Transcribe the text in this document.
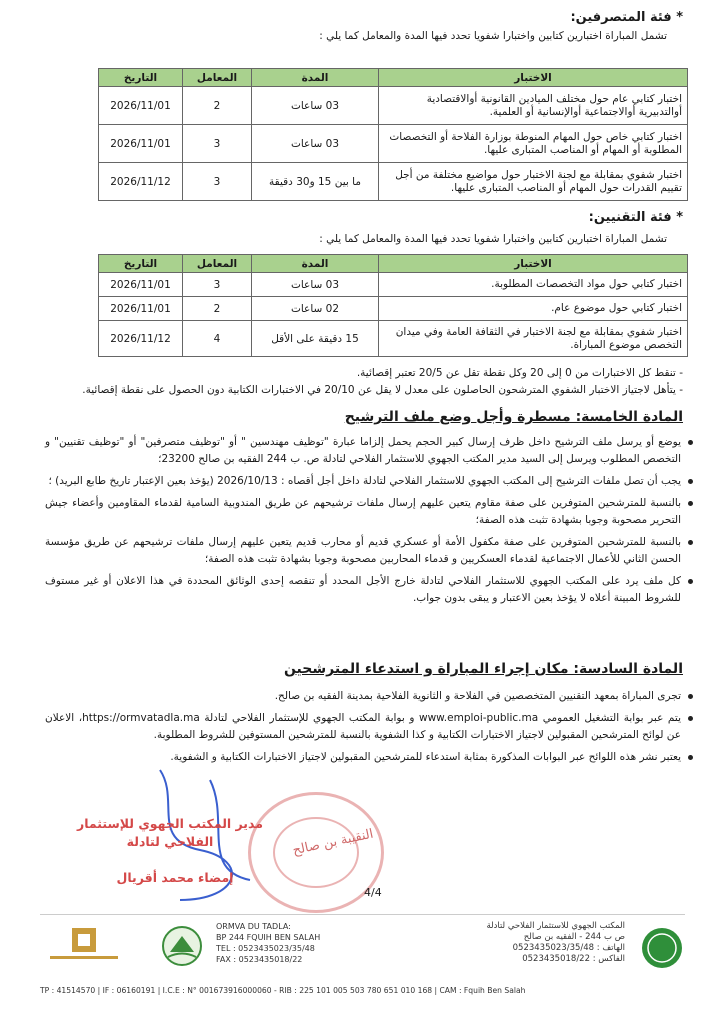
* فئة المتصرفين:
تشمل المباراة اختبارين كتابين واختبارا شفويا تحدد فيها المدة والمعامل كما يلي :
الاختبار	المدة	المعامل	التاريخ
اختبار كتابي عام حول مختلف الميادين القانونية أوالاقتصادية أوالتدبيرية أوالاجتماعية أوالإنسانية أو العلمية.	03 ساعات	2	2026/11/01
اختبار كتابي خاص حول المهام المنوطة بوزارة الفلاحة أو التخصصات المطلوبة أو المهام أو المناصب المتبارى عليها.	03 ساعات	3	2026/11/01
اختبار شفوي بمقابلة مع لجنة الاختبار حول مواضيع مختلفة من أجل تقييم القدرات حول المهام أو المناصب المتبارى عليها.	ما بين 15 و30 دقيقة	3	2026/11/12
* فئة التقنيين:
تشمل المباراة اختبارين كتابين واختبارا شفويا تحدد فيها المدة والمعامل كما يلي :
الاختبار	المدة	المعامل	التاريخ
اختبار كتابي حول مواد التخصصات المطلوبة.	03 ساعات	3	2026/11/01
اختبار كتابي حول موضوع عام.	02 ساعات	2	2026/11/01
اختبار شفوي بمقابلة مع لجنة الاختبار في الثقافة العامة وفي ميدان التخصص موضوع المباراة.	15 دقيقة على الأقل	4	2026/11/12
- تنقط كل الاختبارات من 0 إلى 20 وكل نقطة تقل عن 20/5 تعتبر إقصائية.
- يتأهل لاجتياز الاختبار الشفوي المترشحون الحاصلون على معدل لا يقل عن 20/10 في الاختبارات الكتابية دون الحصول على نقطة إقصائية.
المادة الخامسة: مسطرة وأجل وضع ملف الترشيح
يوضع أو يرسل ملف الترشيح داخل ظرف إرسال كبير الحجم يحمل إلزاما عبارة "توظيف مهندسين " أو "توظيف متصرفين" أو "توظيف تقنيين" و التخصص المطلوب ويرسل إلى السيد مدير المكتب الجهوي للاستثمار الفلاحي لتادلة ص. ب 244 الفقيه بن صالح 23200؛
يجب أن تصل ملفات الترشيح إلى المكتب الجهوي للاستثمار الفلاحي لتادلة داخل أجل أقصاه : 2026/10/13 (يؤخذ بعين الإعتبار تاريخ طابع البريد) ؛
بالنسبة للمترشحين المتوفرين على صفة مقاوم يتعين عليهم إرسال ملفات ترشيحهم عن طريق المندوبية السامية لقدماء المقاومين وأعضاء جيش التحرير مصحوبة وجوبا بشهادة تثبت هذه الصفة؛
بالنسبة للمترشحين المتوفرين على صفة مكفول الأمة أو عسكري قديم أو محارب قديم يتعين عليهم إرسال ملفات ترشيحهم عن طريق مؤسسة الحسن الثاني للأعمال الاجتماعية لقدماء العسكريين و قدماء المحاربين مصحوبة وجوبا بشهادة تثبت هذه الصفة؛
كل ملف يرد على المكتب الجهوي للاستثمار الفلاحي لتادلة خارج الأجل المحدد أو تنقصه إحدى الوثائق المحددة في هذا الاعلان أو غير مستوف للشروط المبينة أعلاه لا يؤخذ بعين الاعتبار و يبقى بدون جواب.
المادة السادسة: مكان إجراء المباراة و استدعاء المترشحين
تجرى المباراة بمعهد التقنيين المتخصصين في الفلاحة و الثانوية الفلاحية بمدينة الفقيه بن صالح.
يتم عبر بوابة التشغيل العمومي www.emploi-public.ma و بوابة المكتب الجهوي للإستثمار الفلاحي لتادلة https://ormvatadla.ma، الاعلان عن لوائح المترشحين المقبولين لاجتياز الاختبارات الكتابية و كذا الشفوية بالنسبة للمترشحين المستوفين للشروط المطلوبة.
يعتبر نشر هذه اللوائح عبر البوابات المذكورة بمثابة استدعاء للمترشحين المقبولين لاجتياز الاختبارات الكتابية و الشفوية.
النقيبة بن صالح
مدير المكتب الجهوي للإستثمار
الفلاحي لتادلة
إمضاء محمد أقريال
4/4
ORMVA DU TADLA:
BP 244 FQUIH BEN SALAH
TEL : 0523435023/35/48
FAX : 0523435018/22
المكتب الجهوي للاستثمار الفلاحي لتادلة
ص ب 244 - الفقيه بن صالح
الهاتف : 0523435023/35/48
الفاكس : 0523435018/22
TP : 41514570 | IF : 06160191 | I.C.E : N° 001673916000060 - RIB : 225 101 005 503 780 651 010 168 | CAM : Fquih Ben Salah
